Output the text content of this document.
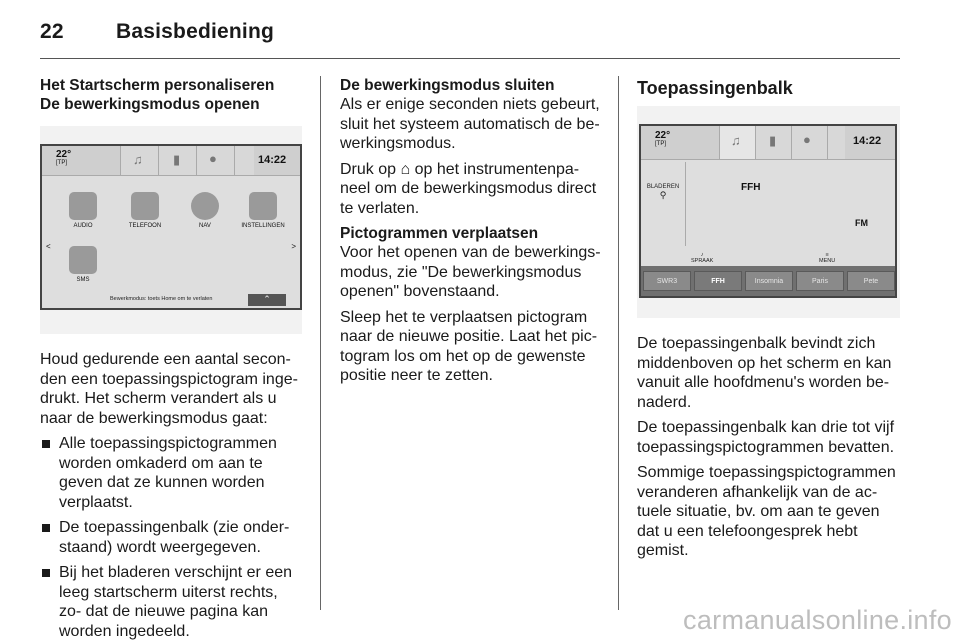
22 Basisbediening
Het Startscherm personaliseren
De bewerkingsmodus openen
22°
[TP]	♫ ▮ ●	14:22
<	>
AUDIO	TELEFOON	NAV	INSTELLINGEN
SMS
Bewerkmodus: toets Home om te verlaten	⌃

Houd gedurende een aantal secon- den een toepassingspictogram inge- drukt. Het scherm verandert als u naar de bewerkingsmodus gaat:

Alle toepassingspictogrammen worden omkaderd om aan te geven dat ze kunnen worden verplaatst.
De toepassingenbalk (zie onder- staand) wordt weergegeven.
Bij het bladeren verschijnt er een leeg startscherm uiterst rechts, zo- dat de nieuwe pagina kan worden ingedeeld.
De bewerkingsmodus sluiten

Als er enige seconden niets gebeurt, sluit het systeem automatisch de be- werkingsmodus.

Druk op ⌂ op het instrumentenpa- neel om de bewerkingsmodus direct te verlaten.

Pictogrammen verplaatsen

Voor het openen van de bewerkings- modus, zie "De bewerkingsmodus openen" bovenstaand.

Sleep het te verplaatsen pictogram naar de nieuwe positie. Laat het pic- togram los om het op de gewenste positie neer te zetten.

Toepassingenbalk
22°
[TP]	♫ ▮ ●	14:22
BLADEREN
⚲
FFH
FM
♪
SPRAAK
≡
MENU
SWR3	FFH	Insomnia	Paris	Pete

De toepassingenbalk bevindt zich middenboven op het scherm en kan vanuit alle hoofdmenu's worden be- naderd.

De toepassingenbalk kan drie tot vijf toepassingspictogrammen bevatten.

Sommige toepassingspictogrammen veranderen afhankelijk van de ac- tuele situatie, bv. om aan te geven dat u een telefoongesprek hebt gemist.

carmanualsonline.info
